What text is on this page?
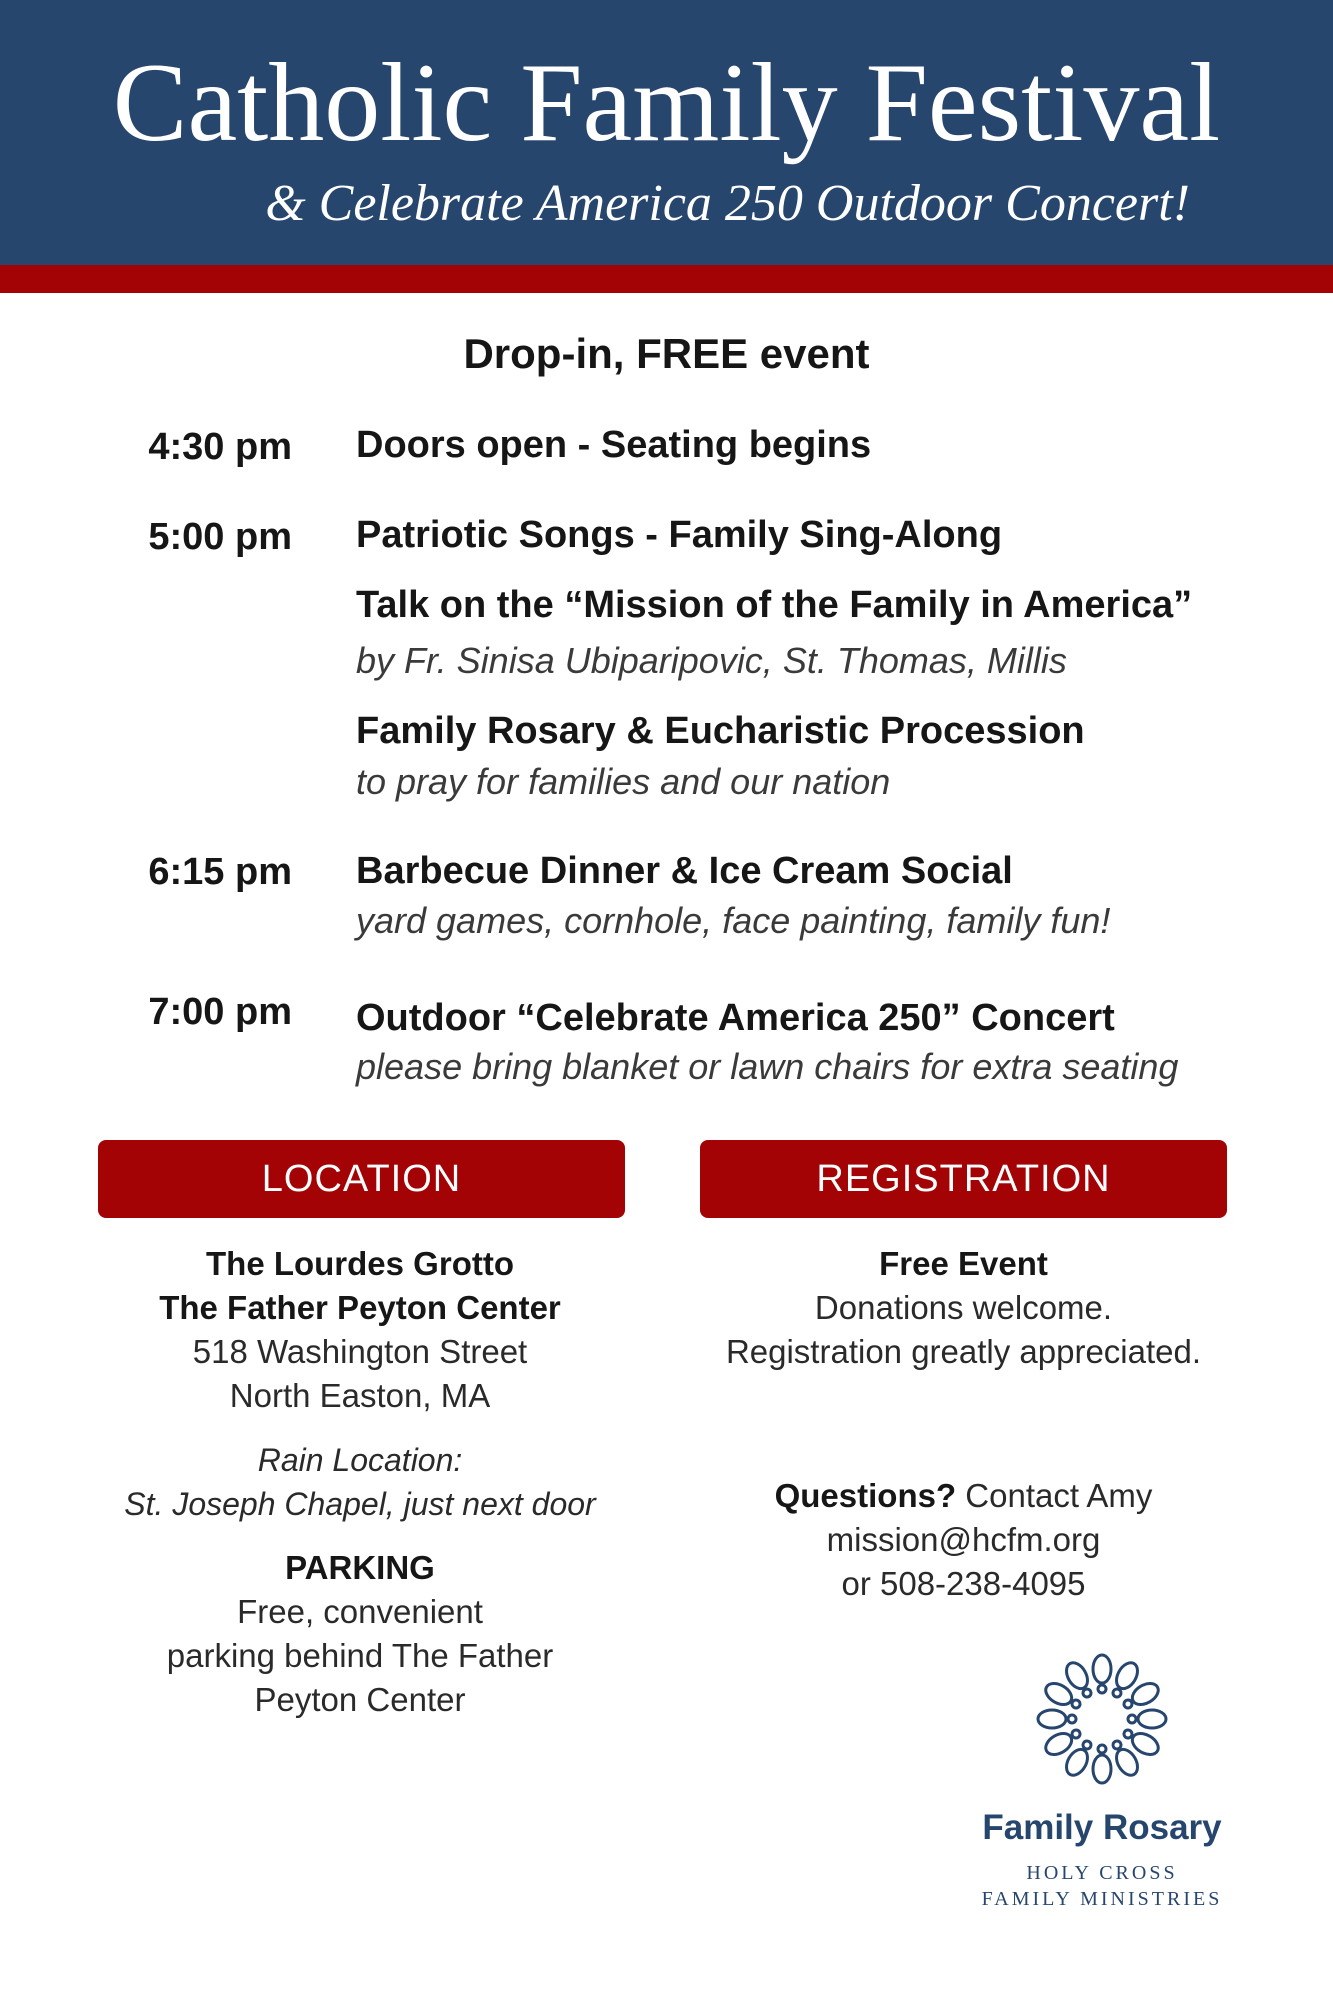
Catholic Family Festival
& Celebrate America 250 Outdoor Concert!
Drop-in, FREE event
4:30 pm Doors open - Seating begins
5:00 pm Patriotic Songs - Family Sing-Along
Talk on the “Mission of the Family in America”
by Fr. Sinisa Ubiparipovic, St. Thomas, Millis
Family Rosary & Eucharistic Procession
to pray for families and our nation
6:15 pm Barbecue Dinner & Ice Cream Social
yard games, cornhole, face painting, family fun!
7:00 pm Outdoor “Celebrate America 250” Concert
please bring blanket or lawn chairs for extra seating
LOCATION	REGISTRATION
The Lourdes Grotto
The Father Peyton Center
518 Washington Street
North Easton, MA
Rain Location:
St. Joseph Chapel, just next door
PARKING
Free, convenient
parking behind The Father
Peyton Center
Free Event
Donations welcome.
Registration greatly appreciated.
Questions? Contact Amy
mission@hcfm.org
or 508-238-4095
Family Rosary
HOLY CROSS
FAMILY MINISTRIES
